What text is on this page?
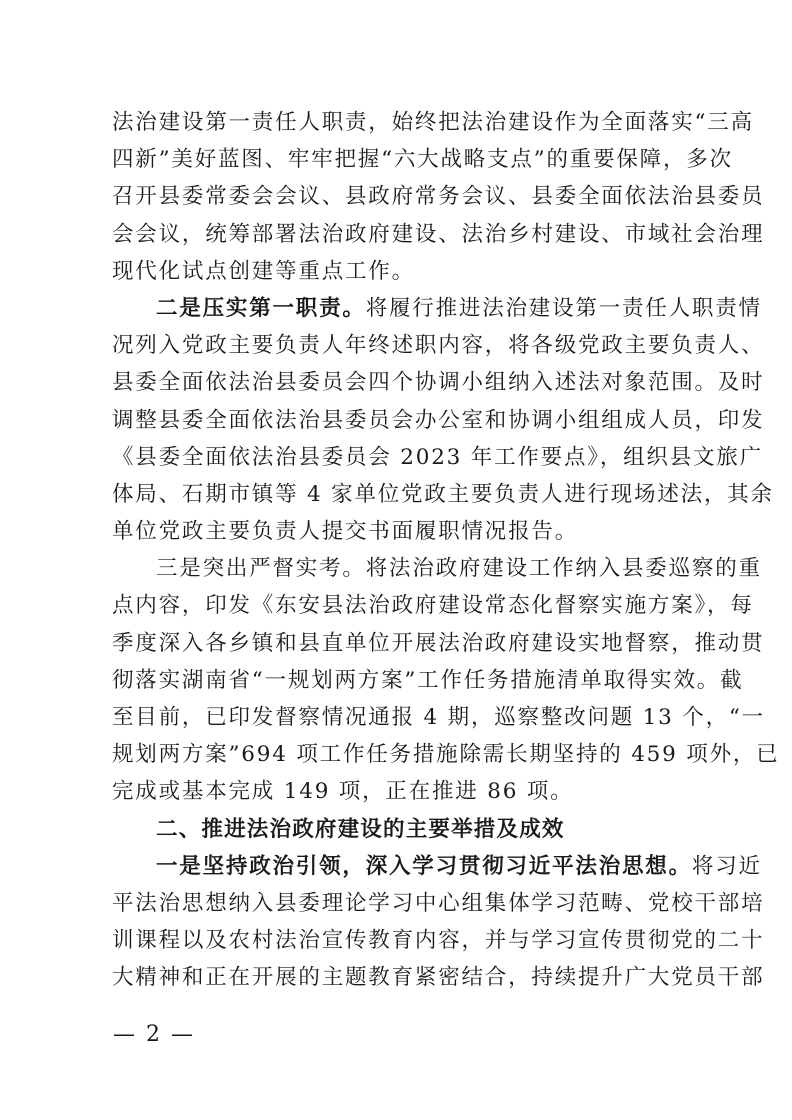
法治建设第一责任人职责，始终把法治建设作为全面落实“三高
四新”美好蓝图、牢牢把握“六大战略支点”的重要保障，多次
召开县委常委会会议、县政府常务会议、县委全面依法治县委员
会会议，统筹部署法治政府建设、法治乡村建设、市域社会治理
现代化试点创建等重点工作。
二是压实第一职责。将履行推进法治建设第一责任人职责情
况列入党政主要负责人年终述职内容，将各级党政主要负责人、
县委全面依法治县委员会四个协调小组纳入述法对象范围。及时
调整县委全面依法治县委员会办公室和协调小组组成人员，印发
《县委全面依法治县委员会 2023 年工作要点》，组织县文旅广
体局、石期市镇等 4 家单位党政主要负责人进行现场述法，其余
单位党政主要负责人提交书面履职情况报告。
三是突出严督实考。将法治政府建设工作纳入县委巡察的重
点内容，印发《东安县法治政府建设常态化督察实施方案》，每
季度深入各乡镇和县直单位开展法治政府建设实地督察，推动贯
彻落实湖南省“一规划两方案”工作任务措施清单取得实效。截
至目前，已印发督察情况通报 4 期，巡察整改问题 13 个，“一
规划两方案”694 项工作任务措施除需长期坚持的 459 项外，已
完成或基本完成 149 项，正在推进 86 项。
二、推进法治政府建设的主要举措及成效
一是坚持政治引领，深入学习贯彻习近平法治思想。将习近
平法治思想纳入县委理论学习中心组集体学习范畴、党校干部培
训课程以及农村法治宣传教育内容，并与学习宣传贯彻党的二十
大精神和正在开展的主题教育紧密结合，持续提升广大党员干部
— 2 —
